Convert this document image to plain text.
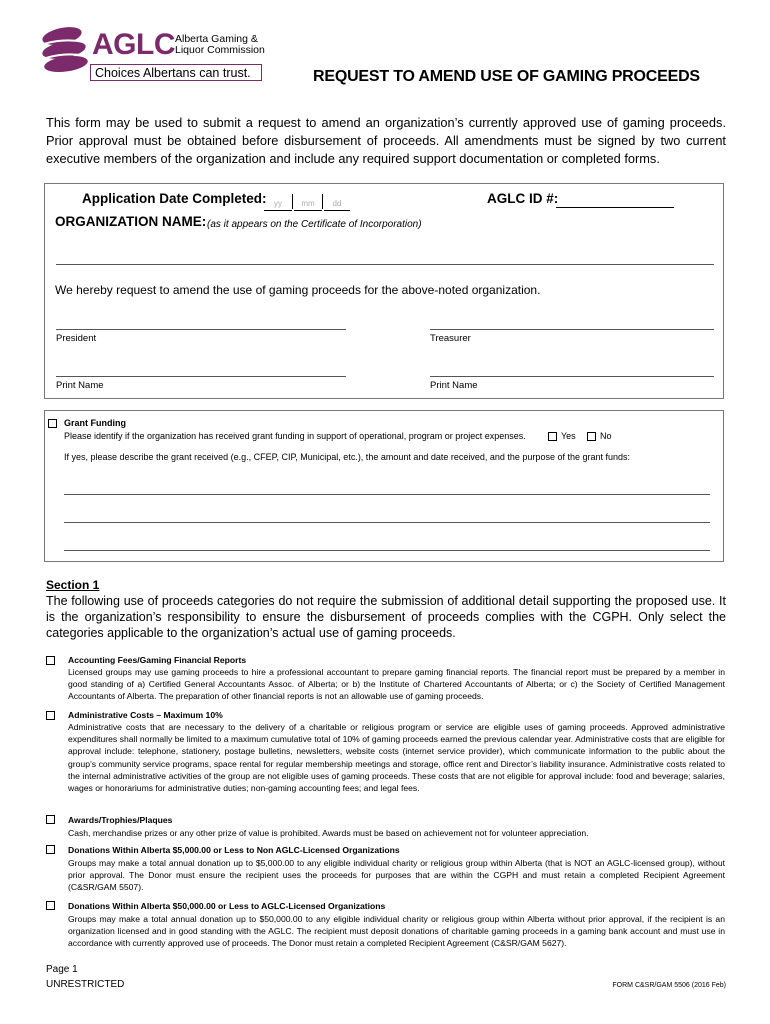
AGLC Alberta Gaming &
Liquor Commission
Choices Albertans can trust.	REQUEST TO AMEND USE OF GAMING PROCEEDS
This form may be used to submit a request to amend an organization’s currently approved use of gaming proceeds. Prior approval must be obtained before disbursement of proceeds. All amendments must be signed by two current executive members of the organization and include any required support documentation or completed forms.
Application Date Completed: yy	mm	dd	AGLC ID #:
ORGANIZATION NAME: (as it appears on the Certificate of Incorporation)
We hereby request to amend the use of gaming proceeds for the above-noted organization.
President	Treasurer
Print Name	Print Name
Grant Funding
Please identify if the organization has received grant funding in support of operational, program or project expenses.	Yes	No
If yes, please describe the grant received (e.g., CFEP, CIP, Municipal, etc.), the amount and date received, and the purpose of the grant funds:
Section 1
The following use of proceeds categories do not require the submission of additional detail supporting the proposed use. It is the organization’s responsibility to ensure the disbursement of proceeds complies with the CGPH. Only select the categories applicable to the organization’s actual use of gaming proceeds.
Accounting Fees/Gaming Financial Reports
Licensed groups may use gaming proceeds to hire a professional accountant to prepare gaming financial reports. The financial report must be prepared by a member in good standing of a) Certified General Accountants Assoc. of Alberta; or b) the Institute of Chartered Accountants of Alberta; or c) the Society of Certified Management Accountants of Alberta. The preparation of other financial reports is not an allowable use of gaming proceeds.
Administrative Costs – Maximum 10%
Administrative costs that are necessary to the delivery of a charitable or religious program or service are eligible uses of gaming proceeds. Approved administrative expenditures shall normally be limited to a maximum cumulative total of 10% of gaming proceeds earned the previous calendar year. Administrative costs that are eligible for approval include: telephone, stationery, postage bulletins, newsletters, website costs (internet service provider), which communicate information to the public about the group’s community service programs, space rental for regular membership meetings and storage, office rent and Director’s liability insurance. Administrative costs related to the internal administrative activities of the group are not eligible uses of gaming proceeds. These costs that are not eligible for approval include: food and beverage; salaries, wages or honorariums for administrative duties; non-gaming accounting fees; and legal fees.
Awards/Trophies/Plaques
Cash, merchandise prizes or any other prize of value is prohibited. Awards must be based on achievement not for volunteer appreciation.
Donations Within Alberta $5,000.00 or Less to Non AGLC-Licensed Organizations
Groups may make a total annual donation up to $5,000.00 to any eligible individual charity or religious group within Alberta (that is NOT an AGLC-licensed group), without prior approval. The Donor must ensure the recipient uses the proceeds for purposes that are within the CGPH and must retain a completed Recipient Agreement (C&SR/GAM 5507).
Donations Within Alberta $50,000.00 or Less to AGLC-Licensed Organizations
Groups may make a total annual donation up to $50,000.00 to any eligible individual charity or religious group within Alberta without prior approval, if the recipient is an organization licensed and in good standing with the AGLC. The recipient must deposit donations of charitable gaming proceeds in a gaming bank account and must use in accordance with currently approved use of proceeds. The Donor must retain a completed Recipient Agreement (C&SR/GAM 5627).
Page 1
UNRESTRICTED	FORM C&SR/GAM 5506 (2016 Feb)
